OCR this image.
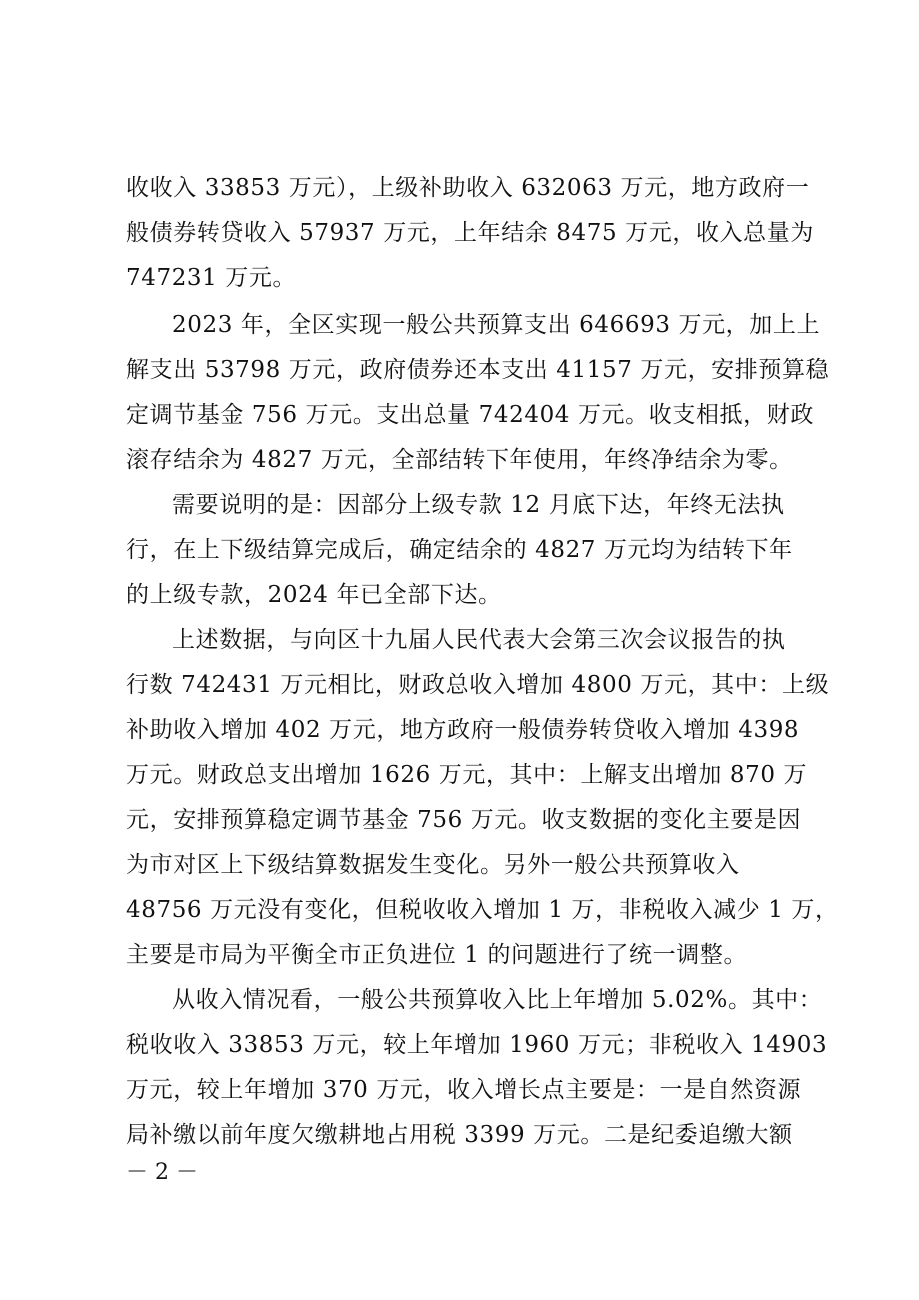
收收入 33853 万元），上级补助收入 632063 万元，地方政府一
般债券转贷收入 57937 万元，上年结余 8475 万元，收入总量为
747231 万元。
2023 年，全区实现一般公共预算支出 646693 万元，加上上
解支出 53798 万元，政府债券还本支出 41157 万元，安排预算稳
定调节基金 756 万元。支出总量 742404 万元。收支相抵，财政
滚存结余为 4827 万元，全部结转下年使用，年终净结余为零。
需要说明的是：因部分上级专款 12 月底下达，年终无法执
行，在上下级结算完成后，确定结余的 4827 万元均为结转下年
的上级专款，2024 年已全部下达。
上述数据，与向区十九届人民代表大会第三次会议报告的执
行数 742431 万元相比，财政总收入增加 4800 万元，其中：上级
补助收入增加 402 万元，地方政府一般债券转贷收入增加 4398
万元。财政总支出增加 1626 万元，其中：上解支出增加 870 万
元，安排预算稳定调节基金 756 万元。收支数据的变化主要是因
为市对区上下级结算数据发生变化。另外一般公共预算收入
48756 万元没有变化，但税收收入增加 1 万，非税收入减少 1 万，
主要是市局为平衡全市正负进位 1 的问题进行了统一调整。
从收入情况看，一般公共预算收入比上年增加 5.02%。其中：
税收收入 33853 万元，较上年增加 1960 万元；非税收入 14903
万元，较上年增加 370 万元，收入增长点主要是：一是自然资源
局补缴以前年度欠缴耕地占用税 3399 万元。二是纪委追缴大额
－ 2 －
